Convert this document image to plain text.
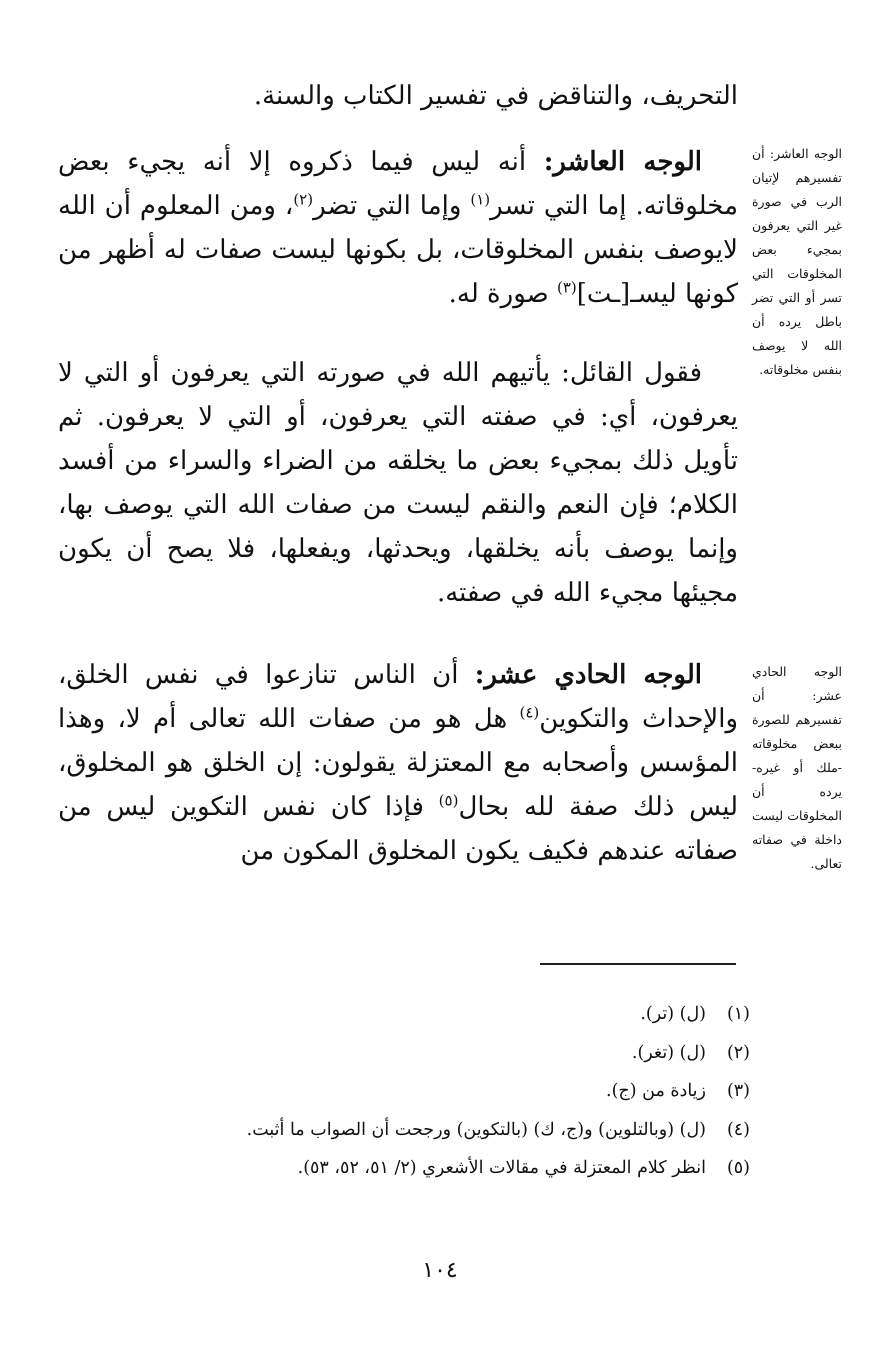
التحريف، والتناقض في تفسير الكتاب والسنة.

الوجه العاشر: أنه ليس فيما ذكروه إلا أنه يجيء بعض مخلوقاته. إما التي تسر$^{(١)}$ وإما التي تضر$^{(٢)}$، ومن المعلوم أن الله لايوصف بنفس المخلوقات، بل بكونها ليست صفات له أظهر من كونها ليسـ[ـت]$^{(٣)}$ صورة له.

فقول القائل: يأتيهم الله في صورته التي يعرفون أو التي لا يعرفون، أي: في صفته التي يعرفون، أو التي لا يعرفون. ثم تأويل ذلك بمجيء بعض ما يخلقه من الضراء والسراء من أفسد الكلام؛ فإن النعم والنقم ليست من صفات الله التي يوصف بها، وإنما يوصف بأنه يخلقها، ويحدثها، ويفعلها، فلا يصح أن يكون مجيئها مجيء الله في صفته.

الوجه الحادي عشر: أن الناس تنازعوا في نفس الخلق، والإحداث والتكوين$^{(٤)}$ هل هو من صفات الله تعالى أم لا، وهذا المؤسس وأصحابه مع المعتزلة يقولون: إن الخلق هو المخلوق، ليس ذلك صفة لله بحال$^{(٥)}$ فإذا كان نفس التكوين ليس من صفاته عندهم فكيف يكون المخلوق المكون من

الوجه العاشر: أن تفسيرهم لإتيان الرب في صورة غير التي يعرفون بمجيء بعض المخلوقات التي تسر أو التي تضر باطل يرده أن الله لا يوصف بنفس مخلوقاته.
الوجه الحادي عشر: أن تفسيرهم للصورة ببعض مخلوقاته -ملك أو غيره- يرده أن المخلوقات ليست داخلة في صفاته تعالى.
(١)(ل) (تر).
(٢)(ل) (تغر).
(٣)زيادة من (ج).
(٤)(ل) (وبالتلوين) و(ج، ك) (بالتكوين) ورجحت أن الصواب ما أثبت.
(٥)انظر كلام المعتزلة في مقالات الأشعري (٢/ ٥١، ٥٢، ٥٣).
١٠٤
